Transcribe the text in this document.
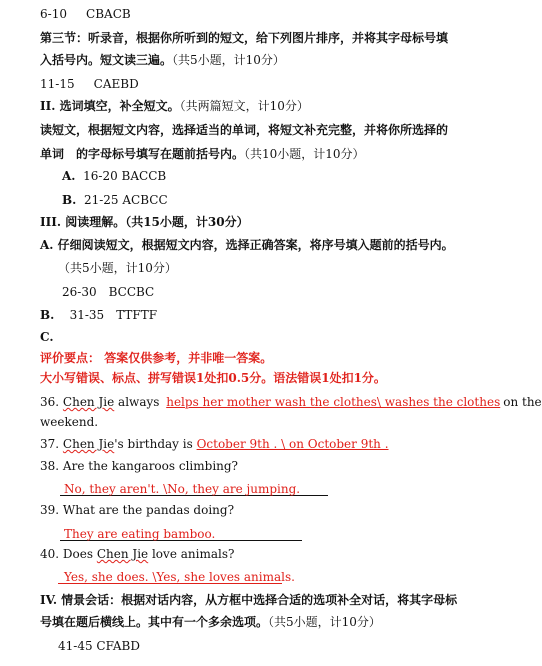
6-10 CBACB
第三节：听录音，根据你所听到的短文，给下列图片排序，并将其字母标号填
入括号内。短文读三遍。（共5小题，计10分）
11-15 CAEBD
II. 选词填空，补全短文。（共两篇短文，计10分）
读短文，根据短文内容，选择适当的单词，将短文补充完整，并将你所选择的
单词　的字母标号填写在题前括号内。（共10小题，计10分）
A. 16-20 BACCB
B. 21-25 ACBCC
III. 阅读理解。（共15小题，计30分）
A. 仔细阅读短文，根据短文内容，选择正确答案，将序号填入题前的括号内。
（共5小题，计10分）
26-30　BCCBC
B. 31-35　TTFTF
C.
评价要点： 答案仅供参考，并非唯一答案。
大小写错误、标点、拼写错误1处扣0.5分。语法错误1处扣1分。
36. Chen Jie always helps her mother wash the clothes\ washes the clothes on the
weekend.
37. Chen Jie's birthday is October 9th . \ on October 9th .
38. Are the kangaroos climbing?
No, they aren't. \No, they are jumping.
39. What are the pandas doing?
They are eating bamboo.
40. Does Chen Jie love animals?
Yes, she does. \Yes, she loves animals.
IV. 情景会话：根据对话内容，从方框中选择合适的选项补全对话，将其字母标
号填在题后横线上。其中有一个多余选项。（共5小题，计10分）
41-45 CFABD
